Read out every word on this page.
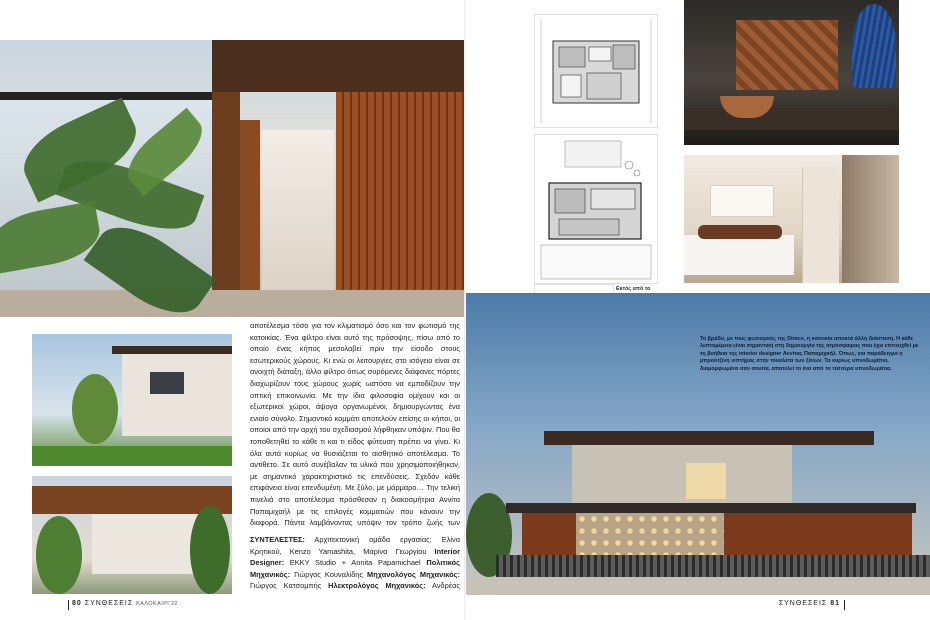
αποτέλεσμα τόσο για τον κλιματισμό όσο και τον φωτισμό της κατοικίας. Ένα φίλτρο είναι αυτό της πρόσοψης, πίσω από το οποίο ένας κήπος μεσολαβεί πριν την είσοδο στους εσωτερικούς χώρους. Κι ενώ οι λειτουργίες στο ισόγειο είναι σε ανοιχτή διάταξη, άλλο φίλτρο όπως συρόμενες διάφανες πόρτες διαχωρίζουν τους χώρους χωρίς ωστόσο να εμποδίζουν την οπτική επικοινωνία. Με την ίδια φιλοσοφία ομίχουν και οι εξωτερικοί χώροι, άψογα οργανωμένοι, δημιουργώντας ένα ενιαίο σύνολο. Σημαντικό κομμάτι αποτελούν επίσης οι κήποι, οι οποίοι από την αρχή του σχεδιασμού λήφθηκαν υπόψιν. Που θα τοποθετηθεί το κάθε τι και τι είδος φύτευση πρέπει να γίνει. Κι όλα αυτά κυρίως να θυσιάζεται το αισθητικό αποτέλεσμα. Το αντίθετο. Σε αυτό συνέβαλαν τα υλικά που χρησιμοποιήθηκαν, με σημαντικό χαρακτηριστικό τις επενδύσεις. Σχεδόν κάθε επιφάνεια είναι επενδυμένη. Με ξύλο, με μάρμαρο… Την τελική πινελιά στο αποτέλεσμα πρόσθεσαν η διακοσμήτρια Αννίτα Παπαμιχαήλ με τις επιλογές κομματιών που κάνουν την διαφορά. Πάντα λαμβάνοντας υπόψιν τον τρόπο ζωής των

ΣΥΝΤΕΛΕΣΤΕΣ: Αρχιτεκτονική ομάδα εργασίας: Ελίνα Κρητικού, Kenzo Yamashita, Μαρίνα Γεωργίου Interior Designer: EKKY Studio + Annita Papamichael Πολιτικός Μηχανικός: Γιώργος Κουναλίδης Μηχανολόγος Μηχανικός: Γιώργος Κατσομπής Ηλεκτρολόγος Μηχανικός: Ανδρέας
80 ΣΥΝΘΕΣΕΙΣ ΚΑΛΟΚΑΙΡΙ'22
Εκτός από το
Το βράδυ, με τους φωτισμούς της Dimco, η κατοικία αποκτά άλλη διάσταση. Η κάθε λεπτομέρεια είναι σημαντική στη δημιουργία της ατμόσφαιρας που έχει επιτευχθεί με τη βοήθεια της interior designer Αννίτας Παπαμιχαήλ. Όπως, για παράδειγμα η μπρούτζινη νιπτήρας στην τουαλέτα των ξένων. Τα κυρίως υπνοδωμάτια, διαμορφωμένα σαν σουίτα, αποτελεί το ένα από τα τέσσερα υπνοδωμάτια.
ΣΥΝΘΕΣΕΙΣ 81
